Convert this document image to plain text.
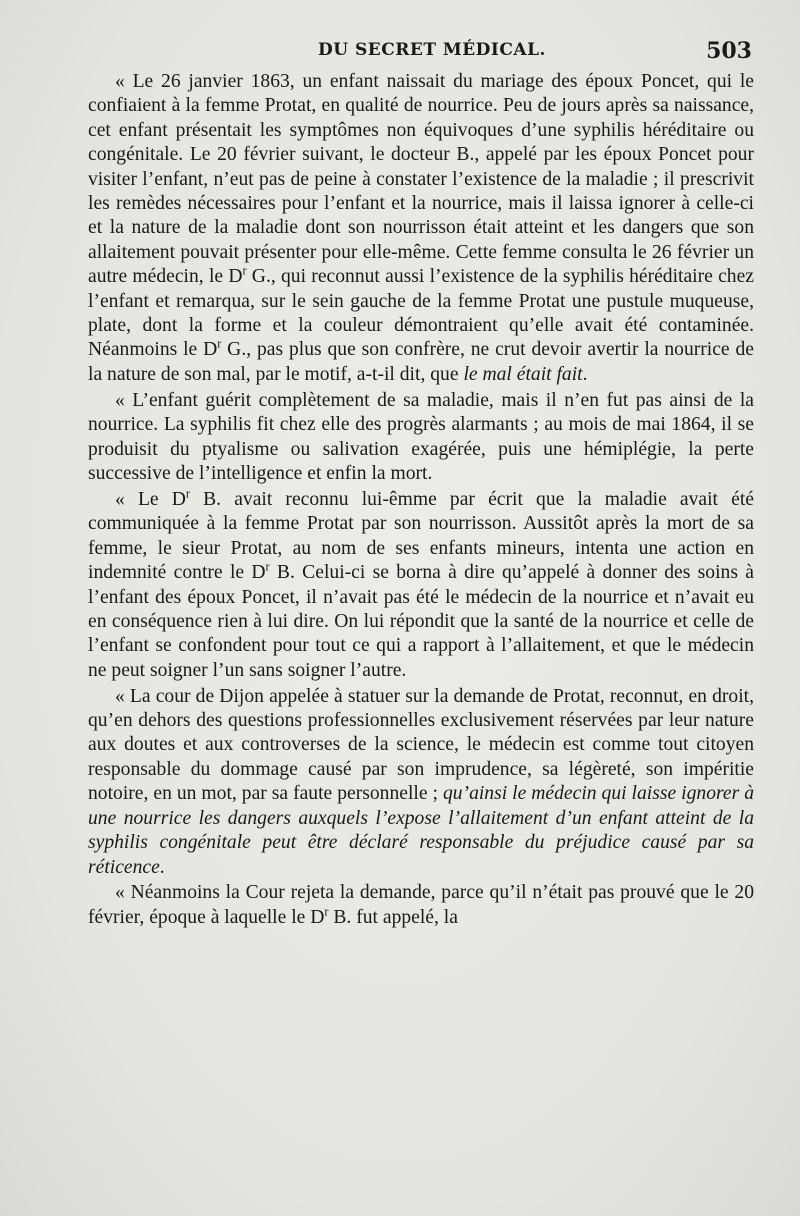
DU SECRET MÉDICAL.	503

« Le 26 janvier 1863, un enfant naissait du mariage des époux Poncet, qui le confiaient à la femme Protat, en qualité de nourrice. Peu de jours après sa naissance, cet enfant présentait les symptômes non équivoques d’une syphilis héréditaire ou congénitale. Le 20 février suivant, le docteur B., appelé par les époux Poncet pour visiter l’enfant, n’eut pas de peine à constater l’existence de la maladie ; il prescrivit les remèdes nécessaires pour l’enfant et la nourrice, mais il laissa ignorer à celle-ci et la nature de la maladie dont son nourrisson était atteint et les dangers que son allaitement pouvait présenter pour elle-même. Cette femme consulta le 26 février un autre médecin, le $D^r$ G., qui reconnut aussi l’existence de la syphilis héréditaire chez l’enfant et remarqua, sur le sein gauche de la femme Protat une pustule muqueuse, plate, dont la forme et la couleur démontraient qu’elle avait été contaminée. Néanmoins le $D^r$ G., pas plus que son confrère, ne crut devoir avertir la nourrice de la nature de son mal, par le motif, a-t-il dit, que le mal était fait.

« L’enfant guérit complètement de sa maladie, mais il n’en fut pas ainsi de la nourrice. La syphilis fit chez elle des progrès alarmants ; au mois de mai 1864, il se produisit du ptyalisme ou salivation exagérée, puis une hémiplégie, la perte successive de l’intelligence et enfin la mort.

« Le $D^r$ B. avait reconnu lui-êmme par écrit que la maladie avait été communiquée à la femme Protat par son nourrisson. Aussitôt après la mort de sa femme, le sieur Protat, au nom de ses enfants mineurs, intenta une action en indemnité contre le $D^r$ B. Celui-ci se borna à dire qu’appelé à donner des soins à l’enfant des époux Poncet, il n’avait pas été le médecin de la nourrice et n’avait eu en conséquence rien à lui dire. On lui répondit que la santé de la nourrice et celle de l’enfant se confondent pour tout ce qui a rapport à l’allaitement, et que le médecin ne peut soigner l’un sans soigner l’autre.

« La cour de Dijon appelée à statuer sur la demande de Protat, reconnut, en droit, qu’en dehors des questions professionnelles exclusivement réservées par leur nature aux doutes et aux controverses de la science, le médecin est comme tout citoyen responsable du dommage causé par son imprudence, sa légèreté, son impéritie notoire, en un mot, par sa faute personnelle ; qu’ainsi le médecin qui laisse ignorer à une nourrice les dangers auxquels l’expose l’allaitement d’un enfant atteint de la syphilis congénitale peut être déclaré responsable du préjudice causé par sa réticence.

« Néanmoins la Cour rejeta la demande, parce qu’il n’était pas prouvé que le 20 février, époque à laquelle le $D^r$ B. fut appelé, la
